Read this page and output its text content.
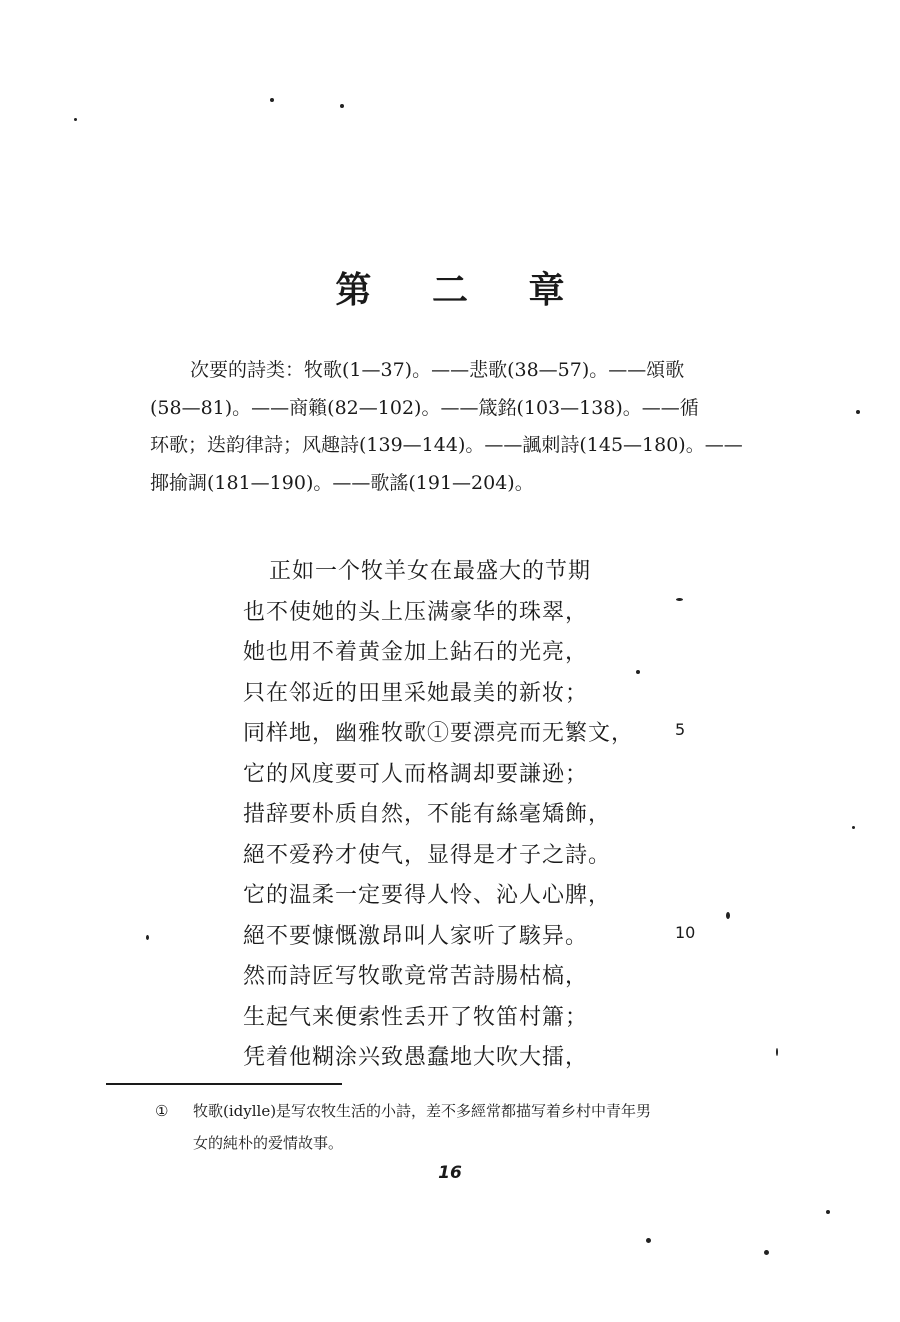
第 二 章
次要的詩类：牧歌(1—37)。——悲歌(38—57)。——頌歌
(58—81)。——商籟(82—102)。——箴銘(103—138)。——循
环歌；迭韵律詩；风趣詩(139—144)。——諷刺詩(145—180)。——
揶揄調(181—190)。——歌謠(191—204)。
正如一个牧羊女在最盛大的节期
也不使她的头上压满豪华的珠翠，
她也用不着黄金加上鉆石的光亮，
只在邻近的田里采她最美的新妆；
同样地，幽雅牧歌①要漂亮而无繁文，
它的风度要可人而格調却要謙逊；
措辞要朴质自然，不能有絲毫矯飾，
絕不爱矜才使气，显得是才子之詩。
它的温柔一定要得人怜、沁人心脾，
絕不要慷慨激昂叫人家听了駭异。
然而詩匠写牧歌竟常苦詩腸枯槁，
生起气来便索性丢开了牧笛村簫；
凭着他糊涂兴致愚蠢地大吹大擂，
5
10
①	牧歌(idylle)是写农牧生活的小詩，差不多經常都描写着乡村中青年男
女的純朴的爱情故事。
16
